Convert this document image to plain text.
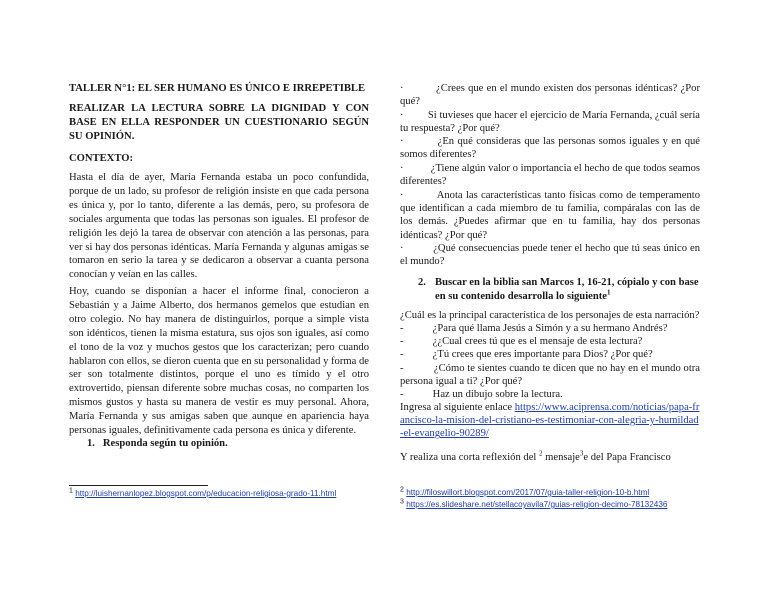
TALLER N°1: EL SER HUMANO ES ÚNICO E IRREPETIBLE
REALIZAR LA LECTURA SOBRE LA DIGNIDAD Y CON BASE EN ELLA RESPONDER UN CUESTIONARIO SEGÚN SU OPINIÓN.
CONTEXTO:

Hasta el día de ayer, María Fernanda estaba un poco confundida, porque de un lado, su profesor de religión insiste en que cada persona es única y, por lo tanto, diferente a las demás, pero, su profesora de sociales argumenta que todas las personas son iguales. El profesor de religión les dejó la tarea de observar con atención a las personas, para ver si hay dos personas idénticas. María Fernanda y algunas amigas se tomaron en serio la tarea y se dedicaron a observar a cuanta persona conocían y veían en las calles.

Hoy, cuando se disponían a hacer el informe final, conocieron a Sebastián y a Jaime Alberto, dos hermanos gemelos que estudian en otro colegio. No hay manera de distinguirlos, porque a simple vista son idénticos, tienen la misma estatura, sus ojos son iguales, así como el tono de la voz y muchos gestos que los caracterizan; pero cuando hablaron con ellos, se dieron cuenta que en su personalidad y forma de ser son totalmente distintos, porque el uno es tímido y el otro extrovertido, piensan diferente sobre muchas cosas, no comparten los mismos gustos y hasta su manera de vestir es muy personal. Ahora, María Fernanda y sus amigas saben que aunque en apariencia haya personas iguales, definitivamente cada persona es única y diferente.

1. Responda según tu opinión.
$^1$ http://luishernanlopez.blogspot.com/p/educacion-religiosa-grado-11.html
·	¿Crees que en el mundo existen dos personas idénticas? ¿Por qué?
· Si tuvieses que hacer el ejercicio de María Fernanda, ¿cuál sería tu respuesta? ¿Por qué?
·	¿En qué consideras que las personas somos iguales y en qué somos diferentes?
·	¿Tiene algún valor o importancia el hecho de que todos seamos diferentes?
·	Anota las características tanto físicas como de temperamento que identifican a cada miembro de tu familia, compáralas con las de los demás. ¿Puedes afirmar que en tu familia, hay dos personas idénticas? ¿Por qué?
·	¿Qué consecuencias puede tener el hecho que tú seas único en el mundo?
2. Buscar en la biblia san Marcos 1, 16-21, cópialo y con base en su contenido desarrolla lo siguiente$^1$
¿Cuál es la principal característica de los personajes de esta narración?
-	¿Para qué llama Jesús a Simón y a su hermano Andrés?
-	¿¿Cual crees tú que es el mensaje de esta lectura?
-	¿Tú crees que eres importante para Dios? ¿Por qué?
-	¿Cómo te sientes cuando te dicen que no hay en el mundo otra persona igual a ti? ¿Por qué?
-	Haz un dibujo sobre la lectura.
Ingresa al siguiente enlace https://www.aciprensa.com/noticias/papa-francisco-la-mision-del-cristiano-es-testimoniar-con-alegria-y-humildad-el-evangelio-90289/
Y realiza una corta reflexión del $^2$ mensaje$^3$e del Papa Francisco
$^2$ http://filoswillort.blogspot.com/2017/07/guia-taller-religion-10-b.html
$^3$ https://es.slideshare.net/stellacoyavila7/guias-religion-decimo-78132436
